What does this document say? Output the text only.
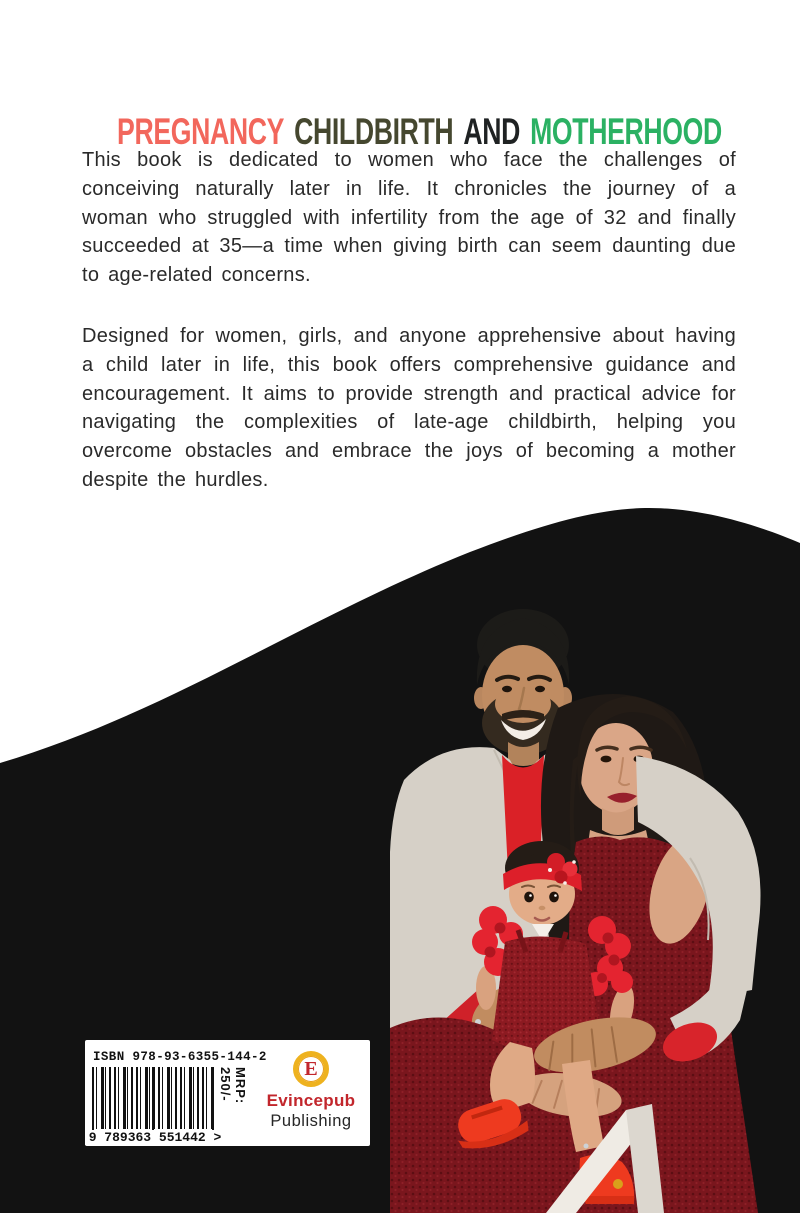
PREGNANCY CHILDBIRTH AND MOTHERHOOD

This book is dedicated to women who face the challenges of conceiving naturally later in life. It chronicles the journey of a woman who struggled with infertility from the age of 32 and finally succeeded at 35—a time when giving birth can seem daunting due to age-related concerns.

Designed for women, girls, and anyone apprehensive about having a child later in life, this book offers comprehensive guidance and encouragement. It aims to provide strength and practical advice for navigating the complexities of late-age childbirth, helping you overcome obstacles and embrace the joys of becoming a mother despite the hurdles.

ISBN 978-93-6355-144-2
9 789363 551442 >
MRP: 250/-	E
Evincepub
Publishing
